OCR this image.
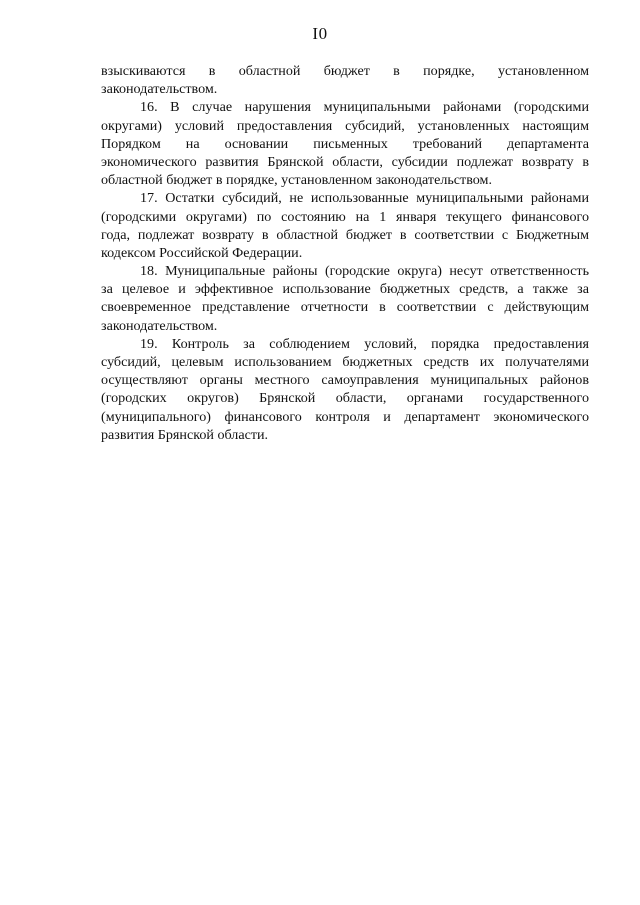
I0
взыскиваются в областной бюджет в порядке, установленном
законодательством.
16. В случае нарушения муниципальными районами (городскими
округами) условий предоставления субсидий, установленных настоящим
Порядком на основании письменных требований департамента
экономического развития Брянской области, субсидии подлежат возврату в
областной бюджет в порядке, установленном законодательством.
17. Остатки субсидий, не использованные муниципальными районами
(городскими округами) по состоянию на 1 января текущего финансового
года, подлежат возврату в областной бюджет в соответствии с Бюджетным
кодексом Российской Федерации.
18. Муниципальные районы (городские округа) несут ответственность
за целевое и эффективное использование бюджетных средств, а также за
своевременное представление отчетности в соответствии с действующим
законодательством.
19. Контроль за соблюдением условий, порядка предоставления
субсидий, целевым использованием бюджетных средств их получателями
осуществляют органы местного самоуправления муниципальных районов
(городских округов) Брянской области, органами государственного
(муниципального) финансового контроля и департамент экономического
развития Брянской области.
